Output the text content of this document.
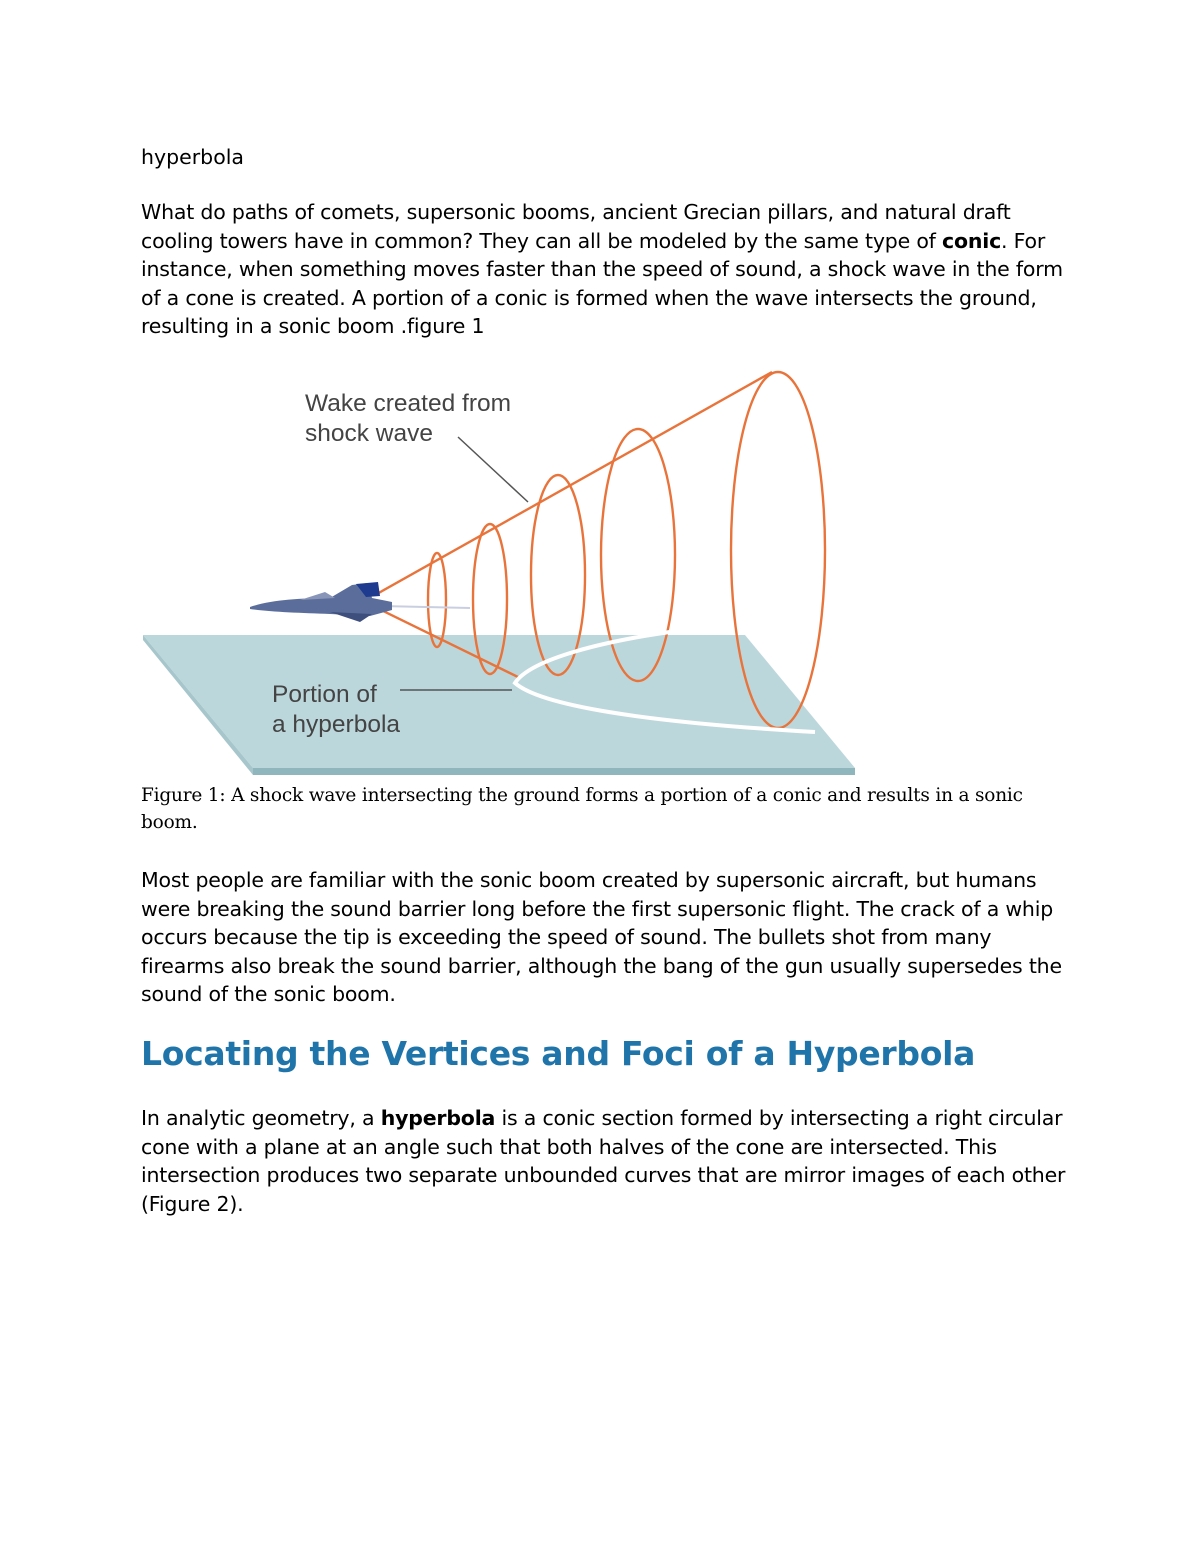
hyperbola
What do paths of comets, supersonic booms, ancient Grecian pillars, and natural draft cooling towers have in common? They can all be modeled by the same type of conic. For instance, when something moves faster than the speed of sound, a shock wave in the form of a cone is created. A portion of a conic is formed when the wave intersects the ground, resulting in a sonic boom .figure 1
Wake created from
shock wave
Portion of
a hyperbola
Figure 1: A shock wave intersecting the ground forms a portion of a conic and results in a sonic boom.
Most people are familiar with the sonic boom created by supersonic aircraft, but humans were breaking the sound barrier long before the first supersonic flight. The crack of a whip occurs because the tip is exceeding the speed of sound. The bullets shot from many firearms also break the sound barrier, although the bang of the gun usually supersedes the sound of the sonic boom.
Locating the Vertices and Foci of a Hyperbola
In analytic geometry, a hyperbola is a conic section formed by intersecting a right circular cone with a plane at an angle such that both halves of the cone are intersected. This intersection produces two separate unbounded curves that are mirror images of each other (Figure 2).
